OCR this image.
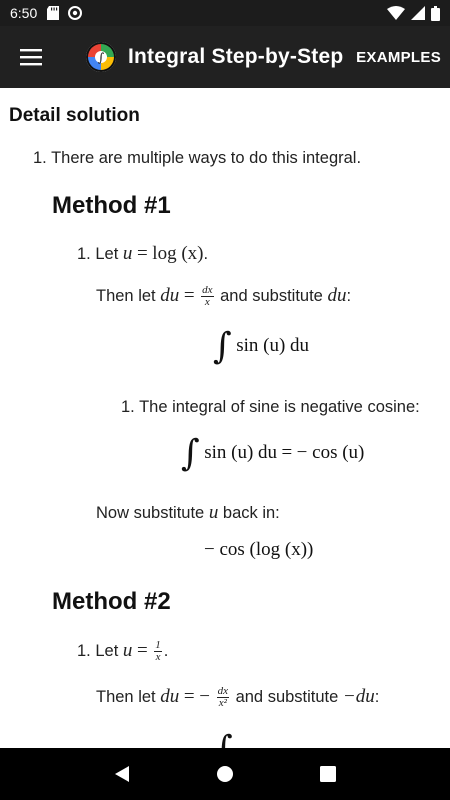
6:50
∫ Integral Step-by-Step EXAMPLES
Detail solution
1. There are multiple ways to do this integral.
Method #1
1. Let u = log (x).
Then let du = $\frac{dx}{x}$ and substitute du:
∫ sin (u) du
1. The integral of sine is negative cosine:
∫ sin (u) du = − cos (u)
Now substitute u back in:
− cos (log (x))
Method #2
1. Let $u = \frac{1}{x}$ .
Then let du = − $\frac{dx}{\text{x²}}$ and substitute −du:
